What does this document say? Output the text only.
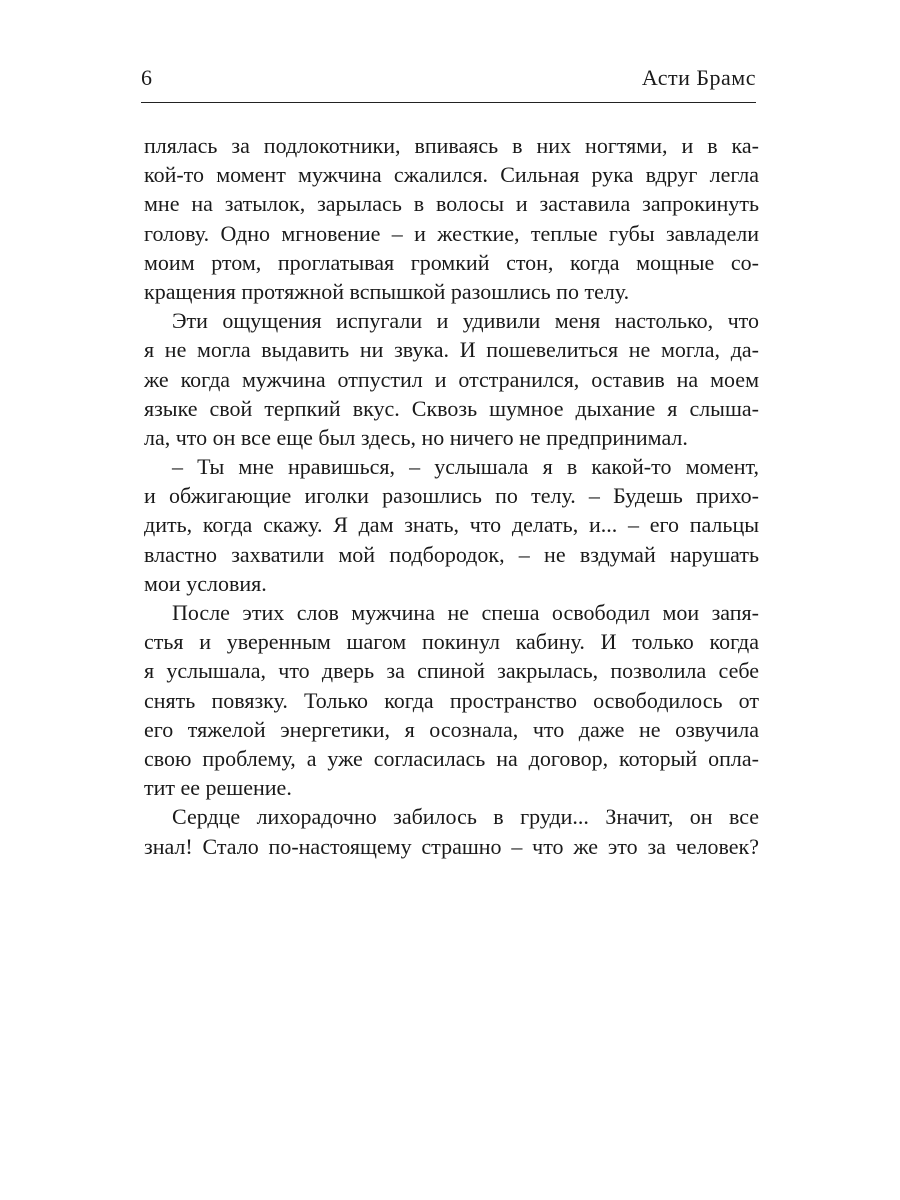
6	Асти Брамс
плялась за подлокотники, впиваясь в них ногтями, и в ка-
кой-то момент мужчина сжалился. Сильная рука вдруг легла
мне на затылок, зарылась в волосы и заставила запрокинуть
голову. Одно мгновение – и жесткие, теплые губы завладели
моим ртом, проглатывая громкий стон, когда мощные со-
кращения протяжной вспышкой разошлись по телу.
Эти ощущения испугали и удивили меня настолько, что
я не могла выдавить ни звука. И пошевелиться не могла, да-
же когда мужчина отпустил и отстранился, оставив на моем
языке свой терпкий вкус. Сквозь шумное дыхание я слыша-
ла, что он все еще был здесь, но ничего не предпринимал.
– Ты мне нравишься, – услышала я в какой-то момент,
и обжигающие иголки разошлись по телу. – Будешь прихо-
дить, когда скажу. Я дам знать, что делать, и... – его пальцы
властно захватили мой подбородок, – не вздумай нарушать
мои условия.
После этих слов мужчина не спеша освободил мои запя-
стья и уверенным шагом покинул кабину. И только когда
я услышала, что дверь за спиной закрылась, позволила себе
снять повязку. Только когда пространство освободилось от
его тяжелой энергетики, я осознала, что даже не озвучила
свою проблему, а уже согласилась на договор, который опла-
тит ее решение.
Сердце лихорадочно забилось в груди... Значит, он все
знал! Стало по-настоящему страшно – что же это за человек?
